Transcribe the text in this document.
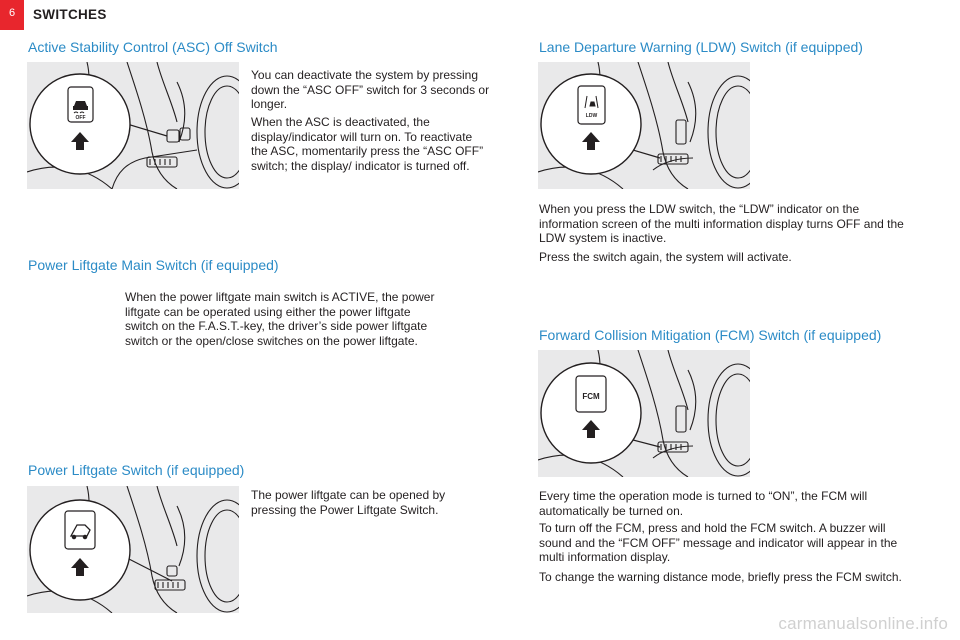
6	SWITCHES
Active Stability Control (ASC) Off Switch
OFF

You can deactivate the system by pressing down the “ASC OFF” switch for 3 seconds or longer.

When the ASC is deactivated, the display/indicator will turn on. To reactivate the ASC, momentarily press the “ASC OFF” switch; the display/ indicator is turned off.

Power Liftgate Main Switch (if equipped)

When the power liftgate main switch is ACTIVE, the power liftgate can be operated using either the power liftgate switch on the F.A.S.T.-key, the driver’s side power liftgate switch or the open/close switches on the power liftgate.

Power Liftgate Switch (if equipped)

The power liftgate can be opened by pressing the Power Liftgate Switch.

Lane Departure Warning (LDW) Switch (if equipped)
LDW

When you press the LDW switch, the “LDW” indicator on the information screen of the multi information display turns OFF and the LDW system is inactive.

Press the switch again, the system will activate.

Forward Collision Mitigation (FCM) Switch (if equipped)
FCM

Every time the operation mode is turned to “ON”, the FCM will automatically be turned on.

To turn off the FCM, press and hold the FCM switch. A buzzer will sound and the “FCM OFF” message and indicator will appear in the multi information display.

To change the warning distance mode, briefly press the FCM switch.

carmanualsonline.info
